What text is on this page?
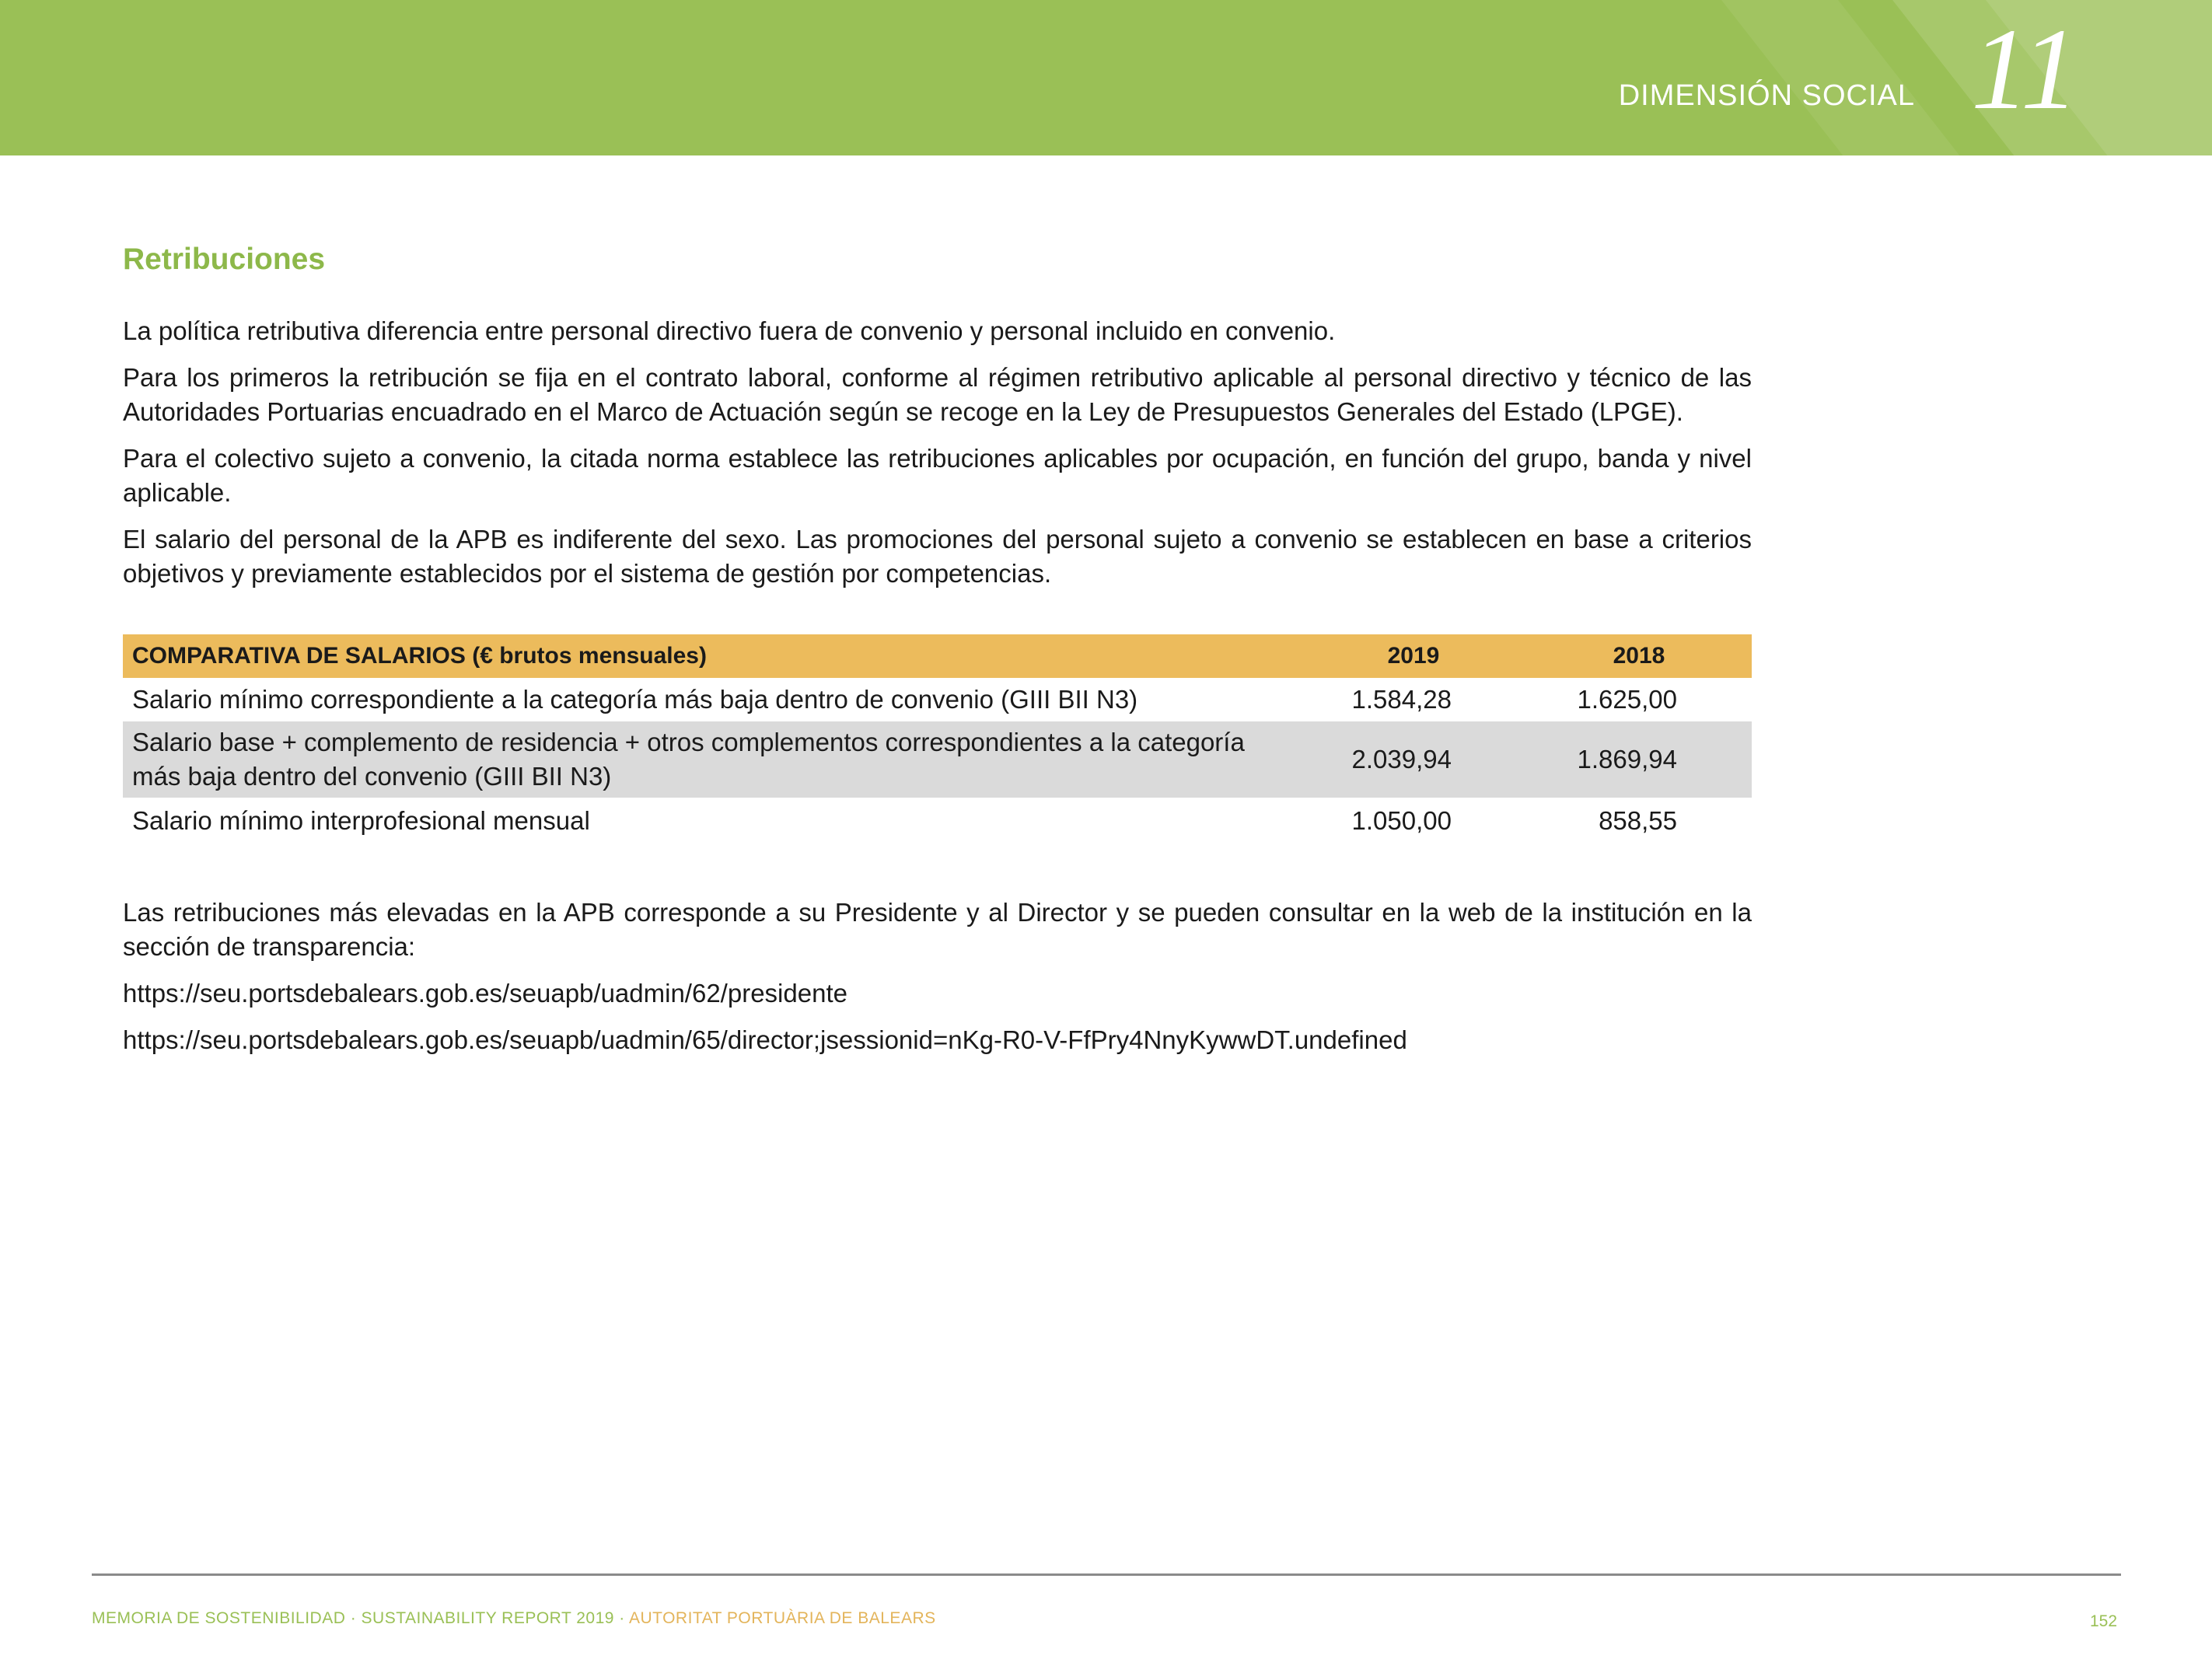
DIMENSIÓN SOCIAL 11
Retribuciones

La política retributiva diferencia entre personal directivo fuera de convenio y personal incluido en convenio.

Para los primeros la retribución se fija en el contrato laboral, conforme al régimen retributivo aplicable al personal directivo y técnico de las Autoridades Portuarias encuadrado en el Marco de Actuación según se recoge en la Ley de Presupuestos Generales del Estado (LPGE).

Para el colectivo sujeto a convenio, la citada norma establece las retribuciones aplicables por ocupación, en función del grupo, banda y nivel aplicable.

El salario del personal de la APB es indiferente del sexo. Las promociones del personal sujeto a convenio se establecen en base a criterios objetivos y previamente establecidos por el sistema de gestión por competencias.

COMPARATIVA DE SALARIOS (€ brutos mensuales)	2019	2018
Salario mínimo correspondiente a la categoría más baja dentro de convenio (GIII BII N3)	1.584,28	1.625,00
Salario base + complemento de residencia + otros complementos correspondientes a la categoría más baja dentro del convenio (GIII BII N3)	2.039,94	1.869,94
Salario mínimo interprofesional mensual	1.050,00	858,55

Las retribuciones más elevadas en la APB corresponde a su Presidente y al Director y se pueden consultar en la web de la institución en la sección de transparencia:

https://seu.portsdebalears.gob.es/seuapb/uadmin/62/presidente
https://seu.portsdebalears.gob.es/seuapb/uadmin/65/director;jsessionid=nKg-R0-V-FfPry4NnyKywwDT.undefined
MEMORIA DE SOSTENIBILIDAD · SUSTAINABILITY REPORT 2019 · AUTORITAT PORTUÀRIA DE BALEARS	152
